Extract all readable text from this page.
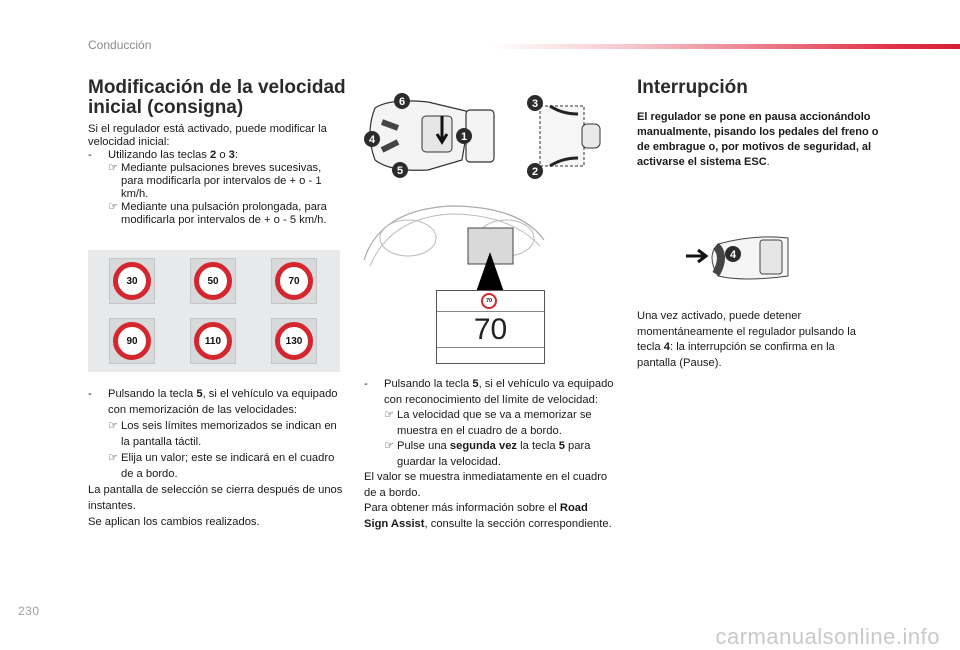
Conducción
Modificación de la velocidad inicial (consigna)
Si el regulador está activado, puede modificar la velocidad inicial:
- Utilizando las teclas 2 o 3:
☞ Mediante pulsaciones breves sucesivas, para modificarla por intervalos de + o - 1 km/h.
☞ Mediante una pulsación prolongada, para modificarla por intervalos de + o - 5 km/h.
30	50	70
90	110	130
- Pulsando la tecla 5, si el vehículo va equipado con memorización de las velocidades:
☞ Los seis límites memorizados se indican en la pantalla táctil.
☞ Elija un valor; este se indicará en el cuadro de a bordo.
La pantalla de selección se cierra después de unos instantes.
Se aplican los cambios realizados.
6
4	1
5
3
2
70
70
- Pulsando la tecla 5, si el vehículo va equipado con reconocimiento del límite de velocidad:
☞ La velocidad que se va a memorizar se muestra en el cuadro de a bordo.
☞ Pulse una segunda vez la tecla 5 para guardar la velocidad.
El valor se muestra inmediatamente en el cuadro de a bordo.
Para obtener más información sobre el Road Sign Assist, consulte la sección correspondiente.
Interrupción
El regulador se pone en pausa accionándolo manualmente, pisando los pedales del freno o de embrague o, por motivos de seguridad, al activarse el sistema ESC.
4
Una vez activado, puede detener momentáneamente el regulador pulsando la tecla 4: la interrupción se confirma en la pantalla (Pause).
230
carmanualsonline.info
